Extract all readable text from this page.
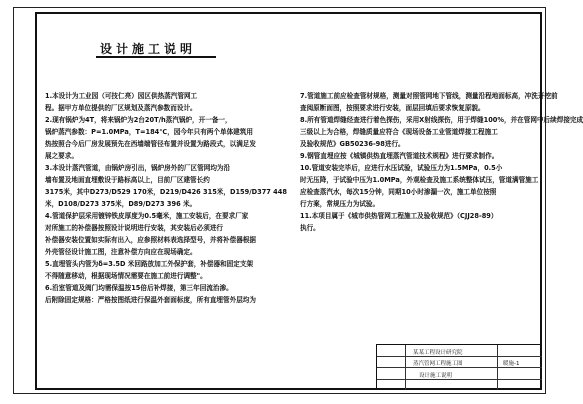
设计施工说明
1.本设计为工业园（可技仁亮）园区供热蒸汽管网工
程。据甲方单位提供的厂区规划及蒸汽参数而设计。
2.现有锅炉为4T，将来锅炉为2台20T/h蒸汽锅炉，开一备一，
锅炉蒸汽参数：P=1.0MPa，T=184℃，园今年只有两个单体建筑用
热按照合今后厂房发展预先在西墙端管径布置并设置为路段式，以满足发
展之要求。
3.本设计蒸汽管道，由锅炉房引出，锅炉房外的厂区管网均为沿
墙布置及地面直埋敷设于路标高以上，目前厂区建管长约
3175米，其中D273/D529 170米，D219/D426 315米，D159/D377 448
米，D108/D273 375米，D89/D273 396 米。
4.管道保护层采用镀锌铁皮厚度为0.5毫米，施工安装后，在要求厂家
对所施工的补偿器按照设计说明进行安装，其安装后必须进行
补偿器安装位置如实际有出入，应参照材料表选择型号，并将补偿器根据
外壳管径设计施工图，注意补偿方向应在现场确定。
5.直埋管头内管为δ=3.5D 米回路放加工外保护套，补偿器和固定支架
不得随意移动，根据现场情况需要在施工前进行调整"。
6.沿室管道及阀门均需保温按15倍后补焊接，第三年回流治渗。
后附除固定规格：严格按图纸进行保温外套面标度，所有直埋管外层均为
7.管道施工前应检查管材规格，测量对照管网地下管线，测量沿程地面标高，冲洗开挖前
查阅原断面图，按照要求进行安装，面层回填后要求恢复原貌。
8.所有管道焊缝经查进行着色探伤，采用X射线探伤，用于焊缝100%，并在管网中后续焊接完成
三级以上为合格，焊缝质量应符合《现场设备工业管道焊接工程施工
及验收规范》GB50236-98进行。
9.钢管直埋应按《城镇供热直埋蒸汽管道技术规程》进行要求制作。
10.管道安装完毕后，应进行水压试验，试验压力为1.5MPa，0.5小
时无压降，于试验中压为1.0MPa，外观检查及施工系统整体试压，管道满管施工
应检查蒸汽水，每次15分钟，同期10小时渗漏一次，施工单位按照
行方案，常规压力为试验。
11.本项目属于《城市供热管网工程施工及验收规范》（CJJ28-89）
执行。
某某工程设计研究院
蒸汽管网工程施工图
设计施工说明
暖施-1
